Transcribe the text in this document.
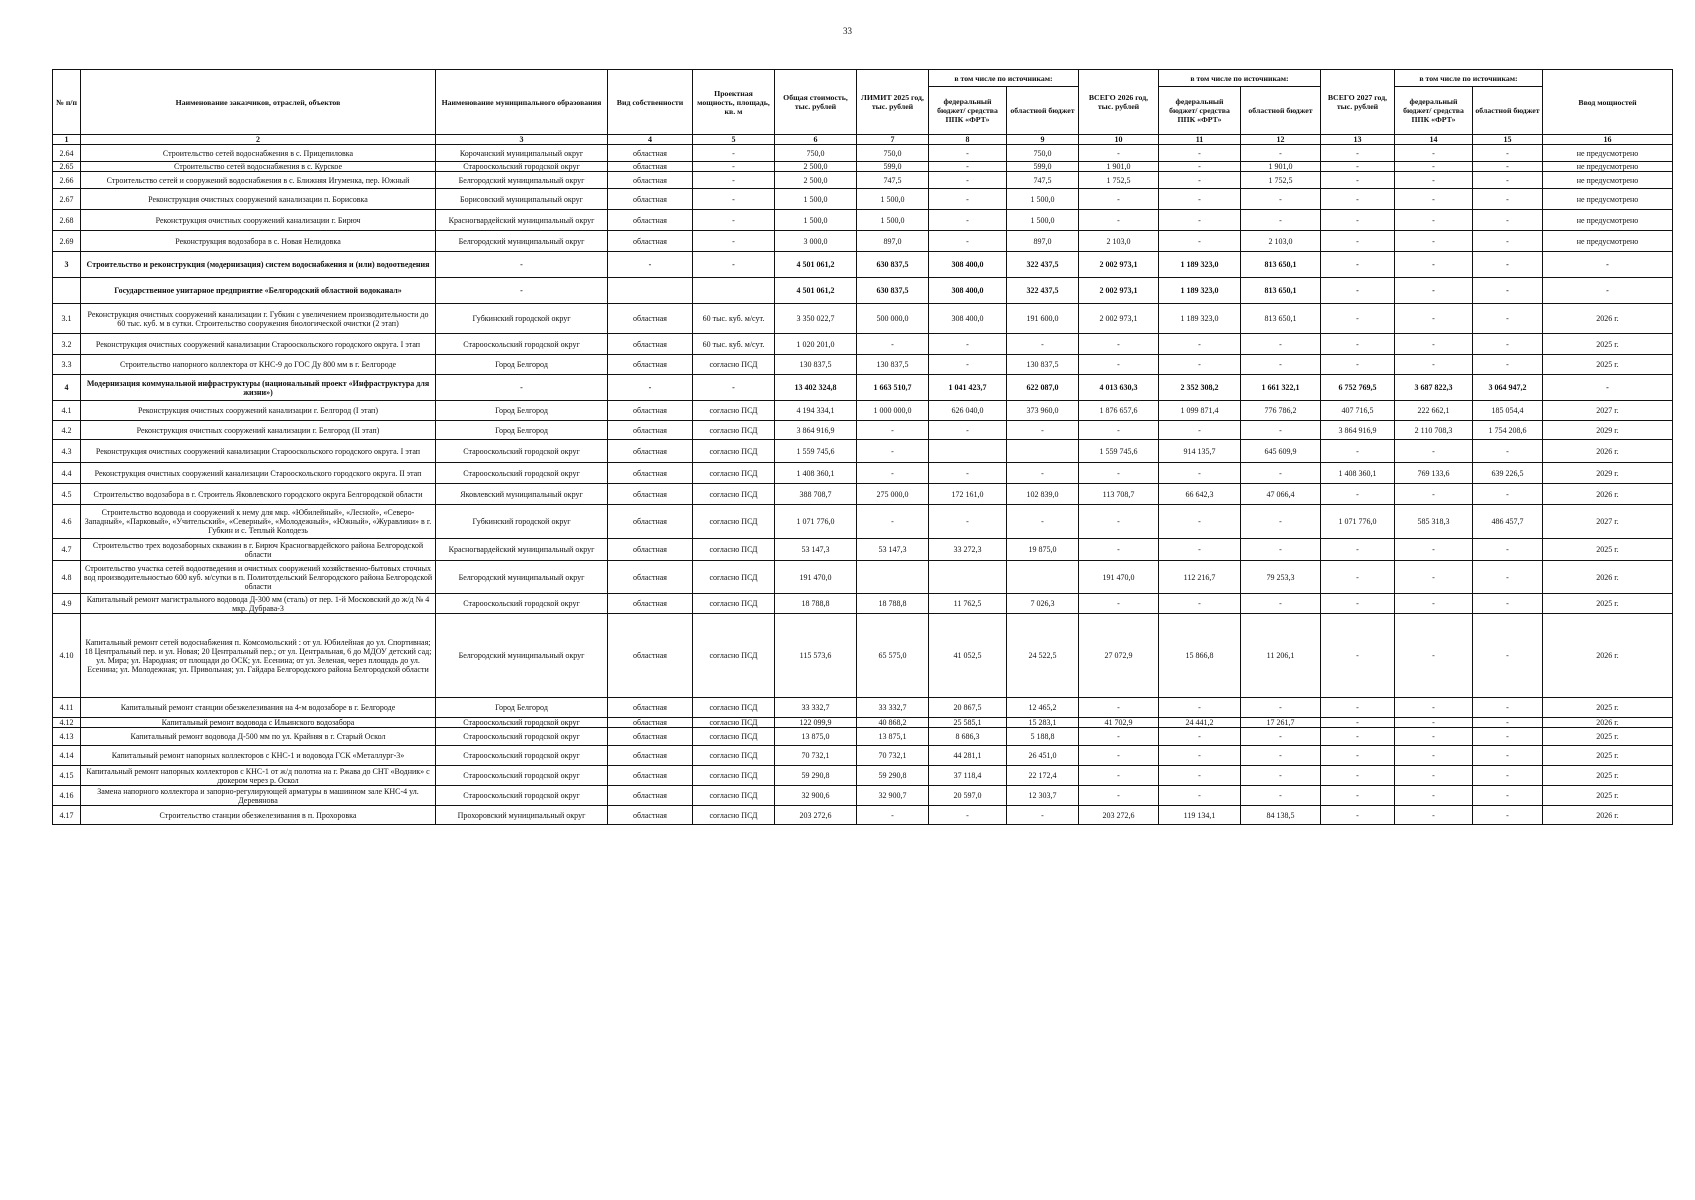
33
№ п/п	Наименование заказчиков, отраслей, объектов	Наименование муниципального образования	Вид собственности	Проектная мощность, площадь, кв. м	Общая стоимость, тыс. рублей	ЛИМИТ 2025 год, тыс. рублей	в том числе по источникам:		ВСЕГО 2026 год, тыс. рублей	в том числе по источникам:		ВСЕГО 2027 год, тыс. рублей	в том числе по источникам:		Ввод мощностей
							федеральный бюджет/ средства ППК «ФРТ»	областной бюджет		федеральный бюджет/ средства ППК «ФРТ»	областной бюджет		федеральный бюджет/ средства ППК «ФРТ»	областной бюджет	
1	2	3	4	5	6	7	8	9	10	11	12	13	14	15	16
2.64	Строительство сетей водоснабжения в с. Прицепиловка	Корочанский муниципальный округ	областная	-	750,0	750,0	-	750,0	-	-	-	-	-	-	не предусмотрено
2.65	Строительство сетей водоснабжения в с. Курское	Старооскольский городской округ	областная	-	2 500,0	599,0	-	599,0	1 901,0	-	1 901,0	-	-	-	не предусмотрено
2.66	Строительство сетей и сооружений водоснабжения в с. Ближняя Игуменка, пер. Южный	Белгородский муниципальный округ	областная	-	2 500,0	747,5	-	747,5	1 752,5	-	1 752,5	-	-	-	не предусмотрено
2.67	Реконструкция очистных сооружений канализации п. Борисовка	Борисовский муниципальный округ	областная	-	1 500,0	1 500,0	-	1 500,0	-	-	-	-	-	-	не предусмотрено
2.68	Реконструкция очистных сооружений канализации г. Бирюч	Красногвардейский муниципальный округ	областная	-	1 500,0	1 500,0	-	1 500,0	-	-	-	-	-	-	не предусмотрено
2.69	Реконструкция водозабора в с. Новая Нелидовка	Белгородский муниципальный округ	областная	-	3 000,0	897,0	-	897,0	2 103,0	-	2 103,0	-	-	-	не предусмотрено
3	Строительство и реконструкция (модернизация) систем водоснабжения и (или) водоотведения	-	-	-	4 501 061,2	630 837,5	308 400,0	322 437,5	2 002 973,1	1 189 323,0	813 650,1	-	-	-	-
	Государственное унитарное предприятие «Белгородский областной водоканал»	-			4 501 061,2	630 837,5	308 400,0	322 437,5	2 002 973,1	1 189 323,0	813 650,1	-	-	-	-
3.1	Реконструкция очистных сооружений канализации г. Губкин с увеличением производительности до 60 тыс. куб. м в сутки. Строительство сооружения биологической очистки (2 этап)	Губкинский городской округ	областная	60 тыс. куб. м/сут.	3 350 022,7	500 000,0	308 400,0	191 600,0	2 002 973,1	1 189 323,0	813 650,1	-	-	-	2026 г.
3.2	Реконструкция очистных сооружений канализации Старооскольского городского округа. I этап	Старооскольский городской округ	областная	60 тыс. куб. м/сут.	1 020 201,0	-	-	-	-	-	-	-	-	-	2025 г.
3.3	Строительство напорного коллектора от КНС-9 до ГОС Ду 800 мм в г. Белгороде	Город Белгород	областная	согласно ПСД	130 837,5	130 837,5	-	130 837,5	-	-	-	-	-	-	2025 г.
4	Модернизация коммунальной инфраструктуры (национальный проект «Инфраструктура для жизни»)	-	-	-	13 402 324,8	1 663 510,7	1 041 423,7	622 087,0	4 013 630,3	2 352 308,2	1 661 322,1	6 752 769,5	3 687 822,3	3 064 947,2	-
4.1	Реконструкция очистных сооружений канализации г. Белгород (I этап)	Город Белгород	областная	согласно ПСД	4 194 334,1	1 000 000,0	626 040,0	373 960,0	1 876 657,6	1 099 871,4	776 786,2	407 716,5	222 662,1	185 054,4	2027 г.
4.2	Реконструкция очистных сооружений канализации г. Белгород (II этап)	Город Белгород	областная	согласно ПСД	3 864 916,9	-	-	-	-	-	-	3 864 916,9	2 110 708,3	1 754 208,6	2029 г.
4.3	Реконструкция очистных сооружений канализации Старооскольского городского округа. I этап	Старооскольский городской округ	областная	согласно ПСД	1 559 745,6	-			1 559 745,6	914 135,7	645 609,9	-	-	-	2026 г.
4.4	Реконструкция очистных сооружений канализации Старооскольского городского округа. II этап	Старооскольский городской округ	областная	согласно ПСД	1 408 360,1	-	-	-	-	-	-	1 408 360,1	769 133,6	639 226,5	2029 г.
4.5	Строительство водозабора в г. Строитель Яковлевского городского округа Белгородской области	Яковлевский муниципальный округ	областная	согласно ПСД	388 708,7	275 000,0	172 161,0	102 839,0	113 708,7	66 642,3	47 066,4	-	-	-	2026 г.
4.6	Строительство водовода и сооружений к нему для мкр. «Юбилейный», «Лесной», «Северо-Западный», «Парковый», «Учительский», «Северный», «Молодежный», «Южный», «Журавлики» в г. Губкин и с. Теплый Колодезь	Губкинский городской округ	областная	согласно ПСД	1 071 776,0	-	-	-	-	-	-	1 071 776,0	585 318,3	486 457,7	2027 г.
4.7	Строительство трех водозаборных скважин в г. Бирюч Красногвардейского района Белгородской области	Красногвардейский муниципальный округ	областная	согласно ПСД	53 147,3	53 147,3	33 272,3	19 875,0	-	-	-	-	-	-	2025 г.
4.8	Строительство участка сетей водоотведения и очистных сооружений хозяйственно-бытовых сточных вод производительностью 600 куб. м/сутки в п. Политотдельский Белгородского района Белгородской области	Белгородский муниципальный округ	областная	согласно ПСД	191 470,0				191 470,0	112 216,7	79 253,3	-	-	-	2026 г.
4.9	Капитальный ремонт магистрального водовода Д-300 мм (сталь) от пер. 1-й Московский до ж/д № 4 мкр. Дубрава-3	Старооскольский городской округ	областная	согласно ПСД	18 788,8	18 788,8	11 762,5	7 026,3	-	-	-	-	-	-	2025 г.
4.10	Капитальный ремонт сетей водоснабжения п. Комсомольский : от ул. Юбилейная до ул. Спортивная; 18 Центральный пер. и ул. Новая; 20 Центральный пер.; от ул. Центральная, 6 до МДОУ детский сад; ул. Мира; ул. Народная; от площади до ОСК; ул. Есенина; от ул. Зеленая, через площадь до ул. Есенина; ул. Молодежная; ул. Привольная; ул. Гайдара Белгородского района Белгородской области	Белгородский муниципальный округ	областная	согласно ПСД	115 573,6	65 575,0	41 052,5	24 522,5	27 072,9	15 866,8	11 206,1	-	-	-	2026 г.
4.11	Капитальный ремонт станции обезжелезивания на 4-м водозаборе в г. Белгороде	Город Белгород	областная	согласно ПСД	33 332,7	33 332,7	20 867,5	12 465,2	-	-	-	-	-	-	2025 г.
4.12	Капитальный ремонт водовода с Ильинского водозабора	Старооскольский городской округ	областная	согласно ПСД	122 099,9	40 868,2	25 585,1	15 283,1	41 702,9	24 441,2	17 261,7	-	-	-	2026 г.
4.13	Капитальный ремонт водовода Д-500 мм по ул. Крайняя в г. Старый Оскол	Старооскольский городской округ	областная	согласно ПСД	13 875,0	13 875,1	8 686,3	5 188,8	-	-	-	-	-	-	2025 г.
4.14	Капитальный ремонт напорных коллекторов с КНС-1 и водовода ГСК «Металлург-3»	Старооскольский городской округ	областная	согласно ПСД	70 732,1	70 732,1	44 281,1	26 451,0	-	-	-	-	-	-	2025 г.
4.15	Капитальный ремонт напорных коллекторов с КНС-1 от ж/д полотна на г. Ржава до СНТ «Водник» с дюкером через р. Оскол	Старооскольский городской округ	областная	согласно ПСД	59 290,8	59 290,8	37 118,4	22 172,4	-	-	-	-	-	-	2025 г.
4.16	Замена напорного коллектора и запорно-регулирующей арматуры в машинном зале КНС-4 ул. Деревянова	Старооскольский городской округ	областная	согласно ПСД	32 900,6	32 900,7	20 597,0	12 303,7	-	-	-	-	-	-	2025 г.
4.17	Строительство станции обезжелезивания в п. Прохоровка	Прохоровский муниципальный округ	областная	согласно ПСД	203 272,6	-	-	-	203 272,6	119 134,1	84 138,5	-	-	-	2026 г.
